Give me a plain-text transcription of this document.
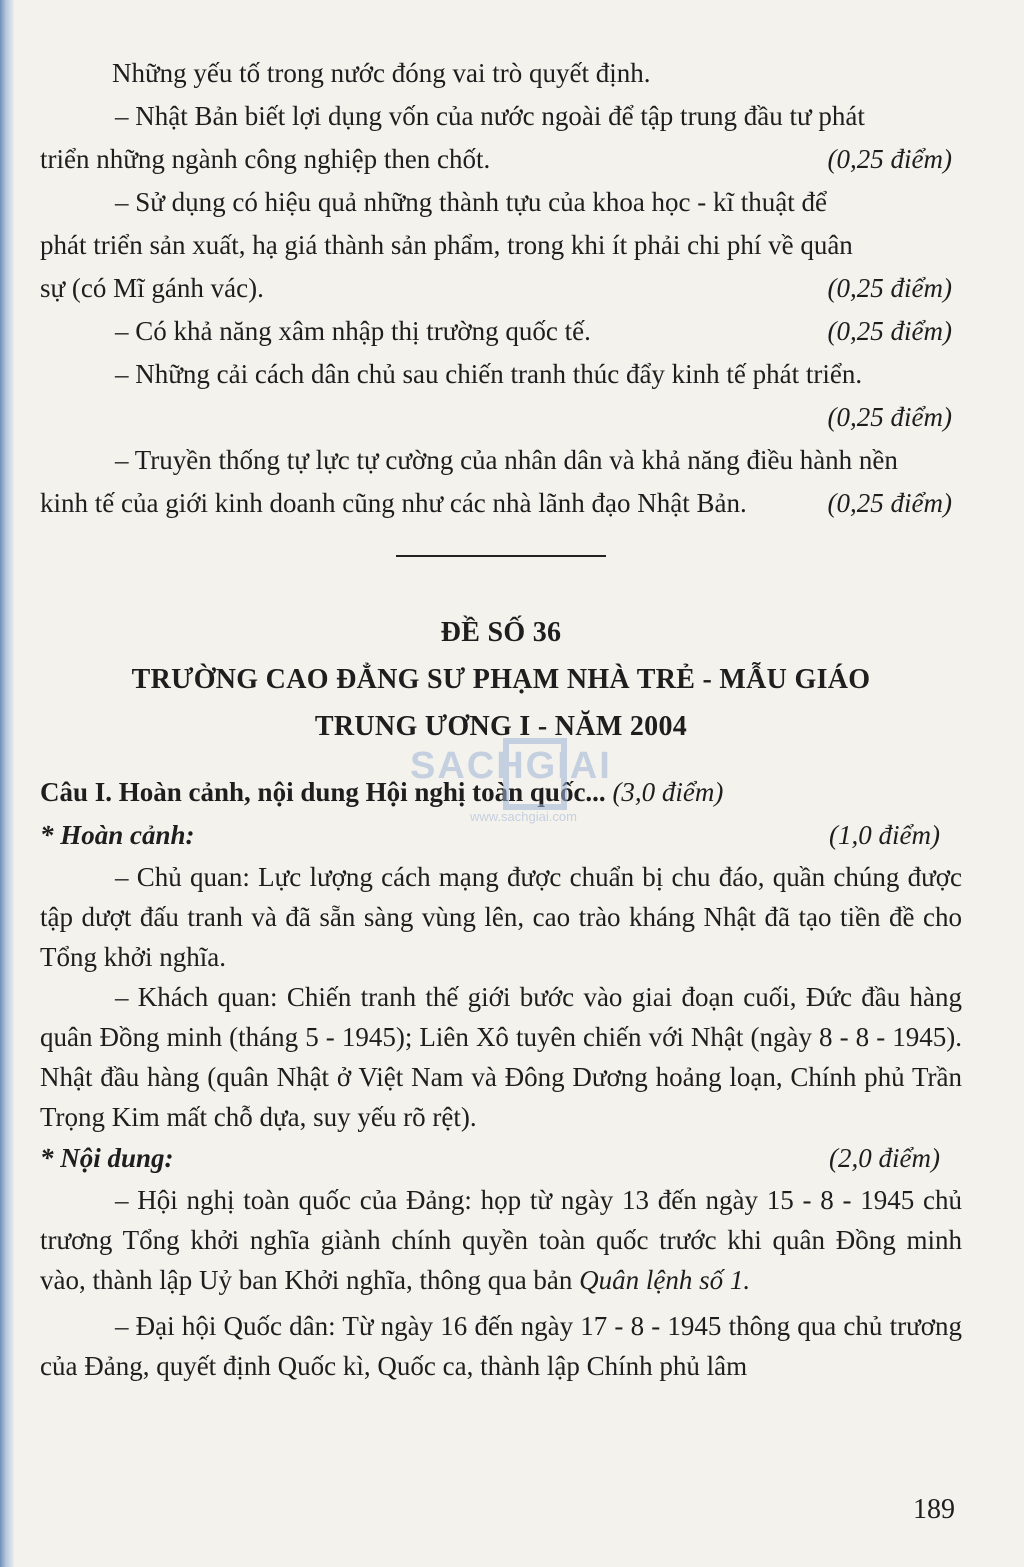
Những yếu tố trong nước đóng vai trò quyết định.

– Nhật Bản biết lợi dụng vốn của nước ngoài để tập trung đầu tư phát

triển những ngành công nghiệp then chốt.	(0,25 điểm)

– Sử dụng có hiệu quả những thành tựu của khoa học - kĩ thuật để

phát triển sản xuất, hạ giá thành sản phẩm, trong khi ít phải chi phí về quân

sự (có Mĩ gánh vác).	(0,25 điểm)
– Có khả năng xâm nhập thị trường quốc tế.	(0,25 điểm)

– Những cải cách dân chủ sau chiến tranh thúc đẩy kinh tế phát triển.

(0,25 điểm)

– Truyền thống tự lực tự cường của nhân dân và khả năng điều hành nền

kinh tế của giới kinh doanh cũng như các nhà lãnh đạo Nhật Bản.	(0,25 điểm)
ĐỀ SỐ 36
TRƯỜNG CAO ĐẲNG SƯ PHẠM NHÀ TRẺ - MẪU GIÁO
TRUNG ƯƠNG I - NĂM 2004
Câu I. Hoàn cảnh, nội dung Hội nghị toàn quốc... (3,0 điểm)
* Hoàn cảnh:	(1,0 điểm)

– Chủ quan: Lực lượng cách mạng được chuẩn bị chu đáo, quần chúng được tập dượt đấu tranh và đã sẵn sàng vùng lên, cao trào kháng Nhật đã tạo tiền đề cho Tổng khởi nghĩa.

– Khách quan: Chiến tranh thế giới bước vào giai đoạn cuối, Đức đầu hàng quân Đồng minh (tháng 5 - 1945); Liên Xô tuyên chiến với Nhật (ngày 8 - 8 - 1945). Nhật đầu hàng (quân Nhật ở Việt Nam và Đông Dương hoảng loạn, Chính phủ Trần Trọng Kim mất chỗ dựa, suy yếu rõ rệt).

* Nội dung:	(2,0 điểm)

– Hội nghị toàn quốc của Đảng: họp từ ngày 13 đến ngày 15 - 8 - 1945 chủ trương Tổng khởi nghĩa giành chính quyền toàn quốc trước khi quân Đồng minh vào, thành lập Uỷ ban Khởi nghĩa, thông qua bản Quân lệnh số 1.

– Đại hội Quốc dân: Từ ngày 16 đến ngày 17 - 8 - 1945 thông qua chủ trương của Đảng, quyết định Quốc kì, Quốc ca, thành lập Chính phủ lâm

SACHGIAI
www.sachgiai.com
189
